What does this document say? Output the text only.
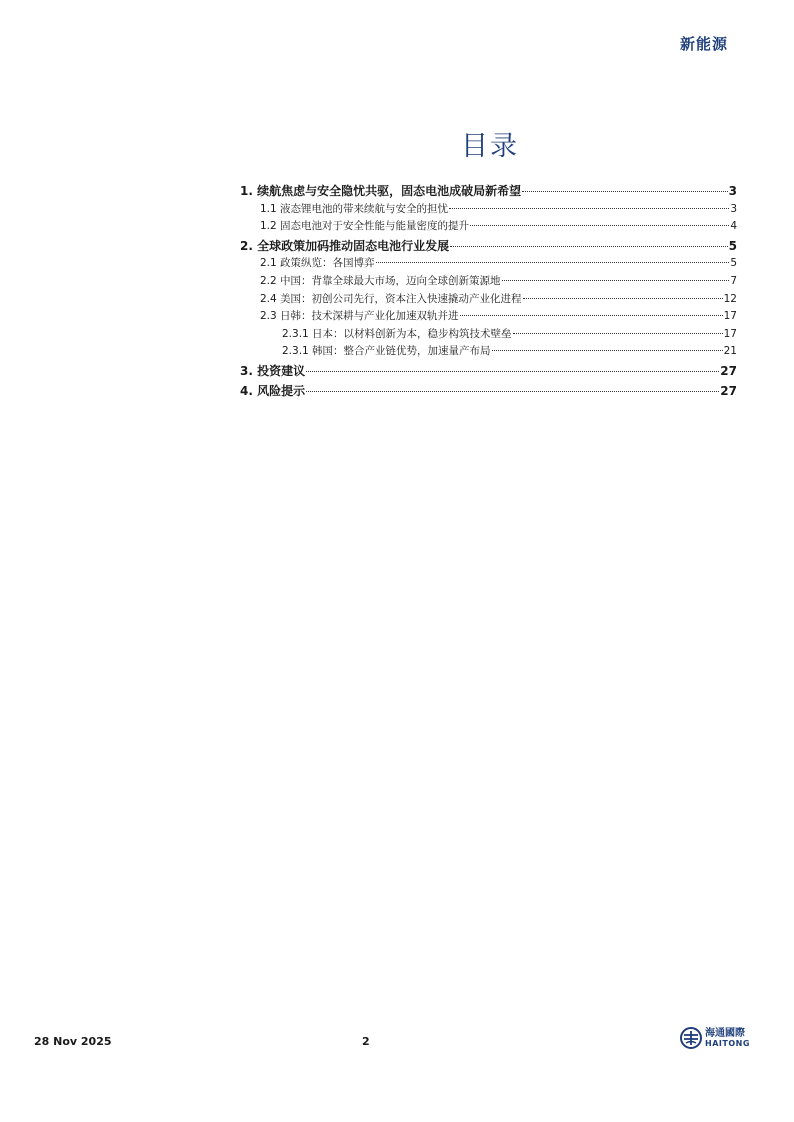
新能源
目录
1. 续航焦虑与安全隐忧共驱，固态电池成破局新希望	3
1.1 液态锂电池的带来续航与安全的担忧	3
1.2 固态电池对于安全性能与能量密度的提升	4
2. 全球政策加码推动固态电池行业发展	5
2.1 政策纵览：各国博弈	5
2.2 中国：背靠全球最大市场，迈向全球创新策源地	7
2.4 美国：初创公司先行，资本注入快速撬动产业化进程	12
2.3 日韩：技术深耕与产业化加速双轨并进	17
2.3.1 日本：以材料创新为本，稳步构筑技术壁垒	17
2.3.1 韩国：整合产业链优势，加速量产布局	21
3. 投资建议	27
4. 风险提示	27
28 Nov 2025	2
海通國際
HAITONG
